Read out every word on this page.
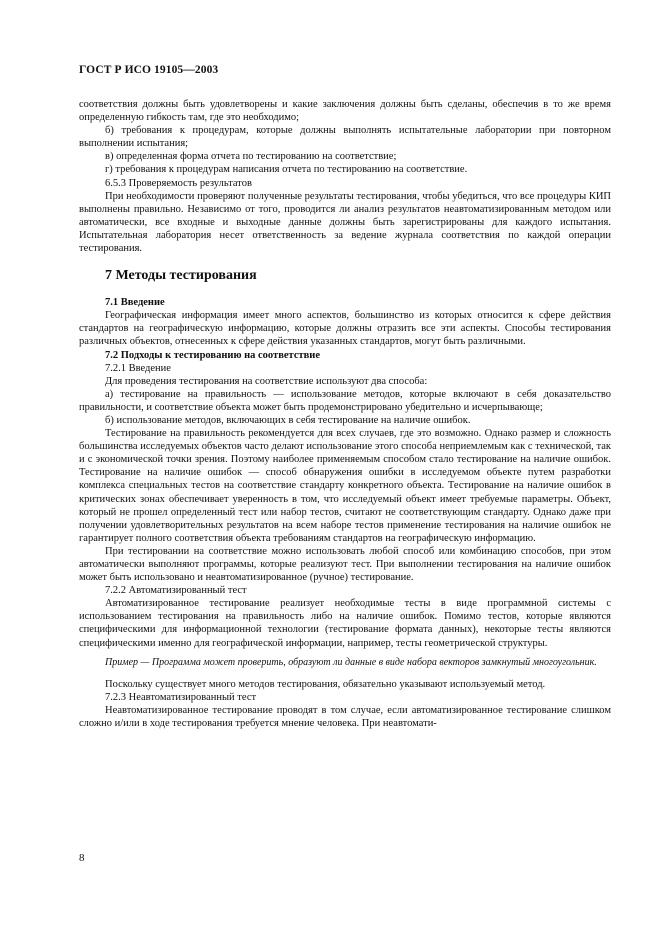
ГОСТ Р ИСО 19105—2003

соответствия должны быть удовлетворены и какие заключения должны быть сделаны, обеспечив в то же время определенную гибкость там, где это необходимо;

б) требования к процедурам, которые должны выполнять испытательные лаборатории при повторном выполнении испытания;

в) определенная форма отчета по тестированию на соответствие;

г) требования к процедурам написания отчета по тестированию на соответствие.

6.5.3 Проверяемость результатов

При необходимости проверяют полученные результаты тестирования, чтобы убедиться, что все процедуры КИП выполнены правильно. Независимо от того, проводится ли анализ результатов неавтоматизированным методом или автоматически, все входные и выходные данные должны быть зарегистрированы для каждого испытания. Испытательная лаборатория несет ответственность за ведение журнала соответствия по каждой операции тестирования.

7 Методы тестирования

7.1 Введение

Географическая информация имеет много аспектов, большинство из которых относится к сфере действия стандартов на географическую информацию, которые должны отразить все эти аспекты. Способы тестирования различных объектов, отнесенных к сфере действия указанных стандартов, могут быть различными.

7.2 Подходы к тестированию на соответствие

7.2.1 Введение

Для проведения тестирования на соответствие используют два способа:

а) тестирование на правильность — использование методов, которые включают в себя доказательство правильности, и соответствие объекта может быть продемонстрировано убедительно и исчерпывающе;

б) использование методов, включающих в себя тестирование на наличие ошибок.

Тестирование на правильность рекомендуется для всех случаев, где это возможно. Однако размер и сложность большинства исследуемых объектов часто делают использование этого способа неприемлемым как с технической, так и с экономической точки зрения. Поэтому наиболее применяемым способом стало тестирование на наличие ошибок. Тестирование на наличие ошибок — способ обнаружения ошибки в исследуемом объекте путем разработки комплекса специальных тестов на соответствие стандарту конкретного объекта. Тестирование на наличие ошибок в критических зонах обеспечивает уверенность в том, что исследуемый объект имеет требуемые параметры. Объект, который не прошел определенный тест или набор тестов, считают не соответствующим стандарту. Однако даже при получении удовлетворительных результатов на всем наборе тестов применение тестирования на наличие ошибок не гарантирует полного соответствия объекта требованиям стандартов на географическую информацию.

При тестировании на соответствие можно использовать любой способ или комбинацию способов, при этом автоматически выполняют программы, которые реализуют тест. При выполнении тестирования на наличие ошибок может быть использовано и неавтоматизированное (ручное) тестирование.

7.2.2 Автоматизированный тест

Автоматизированное тестирование реализует необходимые тесты в виде программной системы с использованием тестирования на правильность либо на наличие ошибок. Помимо тестов, которые являются специфическими для информационной технологии (тестирование формата данных), некоторые тесты являются специфическими именно для географической информации, например, тесты геометрической структуры.

Пример — Программа может проверить, образуют ли данные в виде набора векторов замкнутый многоугольник.

Поскольку существует много методов тестирования, обязательно указывают используемый метод.

7.2.3 Неавтоматизированный тест

Неавтоматизированное тестирование проводят в том случае, если автоматизированное тестирование слишком сложно и/или в ходе тестирования требуется мнение человека. При неавтомати-

8
